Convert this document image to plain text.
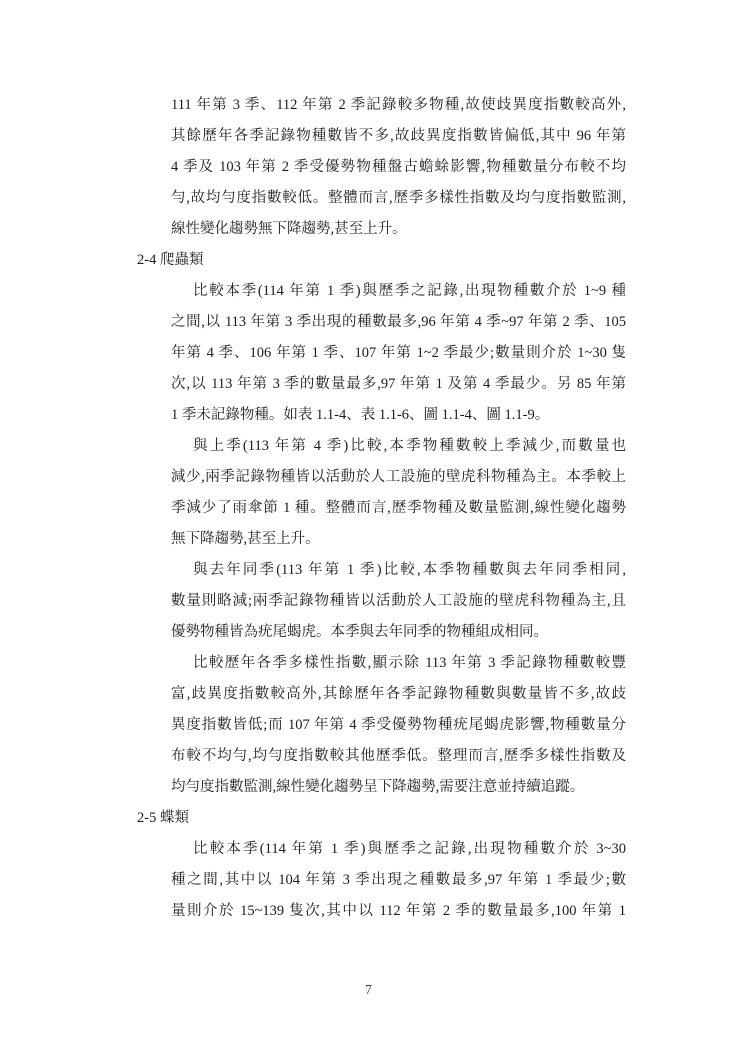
111 年第 3 季、112 年第 2 季記錄較多物種,故使歧異度指數較高外,
其餘歷年各季記錄物種數皆不多,故歧異度指數皆偏低,其中 96 年第
4 季及 103 年第 2 季受優勢物種盤古蟾蜍影響,物種數量分布較不均
勻,故均勻度指數較低。整體而言,歷季多樣性指數及均勻度指數監測,
線性變化趨勢無下降趨勢,甚至上升。
2-4 爬蟲類
比較本季(114 年第 1 季)與歷季之記錄,出現物種數介於 1~9 種
之間,以 113 年第 3 季出現的種數最多,96 年第 4 季~97 年第 2 季、105
年第 4 季、106 年第 1 季、107 年第 1~2 季最少;數量則介於 1~30 隻
次,以 113 年第 3 季的數量最多,97 年第 1 及第 4 季最少。另 85 年第
1 季未記錄物種。如表 1.1-4、表 1.1-6、圖 1.1-4、圖 1.1-9。
與上季(113 年第 4 季)比較,本季物種數較上季減少,而數量也
減少,兩季記錄物種皆以活動於人工設施的壁虎科物種為主。本季較上
季減少了雨傘節 1 種。整體而言,歷季物種及數量監測,線性變化趨勢
無下降趨勢,甚至上升。
與去年同季(113 年第 1 季)比較,本季物種數與去年同季相同,
數量則略減;兩季記錄物種皆以活動於人工設施的壁虎科物種為主,且
優勢物種皆為疣尾蝎虎。本季與去年同季的物種組成相同。
比較歷年各季多樣性指數,顯示除 113 年第 3 季記錄物種數較豐
富,歧異度指數較高外,其餘歷年各季記錄物種數與數量皆不多,故歧
異度指數皆低;而 107 年第 4 季受優勢物種疣尾蝎虎影響,物種數量分
布較不均勻,均勻度指數較其他歷季低。整理而言,歷季多樣性指數及
均勻度指數監測,線性變化趨勢呈下降趨勢,需要注意並持續追蹤。
2-5 蝶類
比較本季(114 年第 1 季)與歷季之記錄,出現物種數介於 3~30
種之間,其中以 104 年第 3 季出現之種數最多,97 年第 1 季最少;數
量則介於 15~139 隻次,其中以 112 年第 2 季的數量最多,100 年第 1
7
